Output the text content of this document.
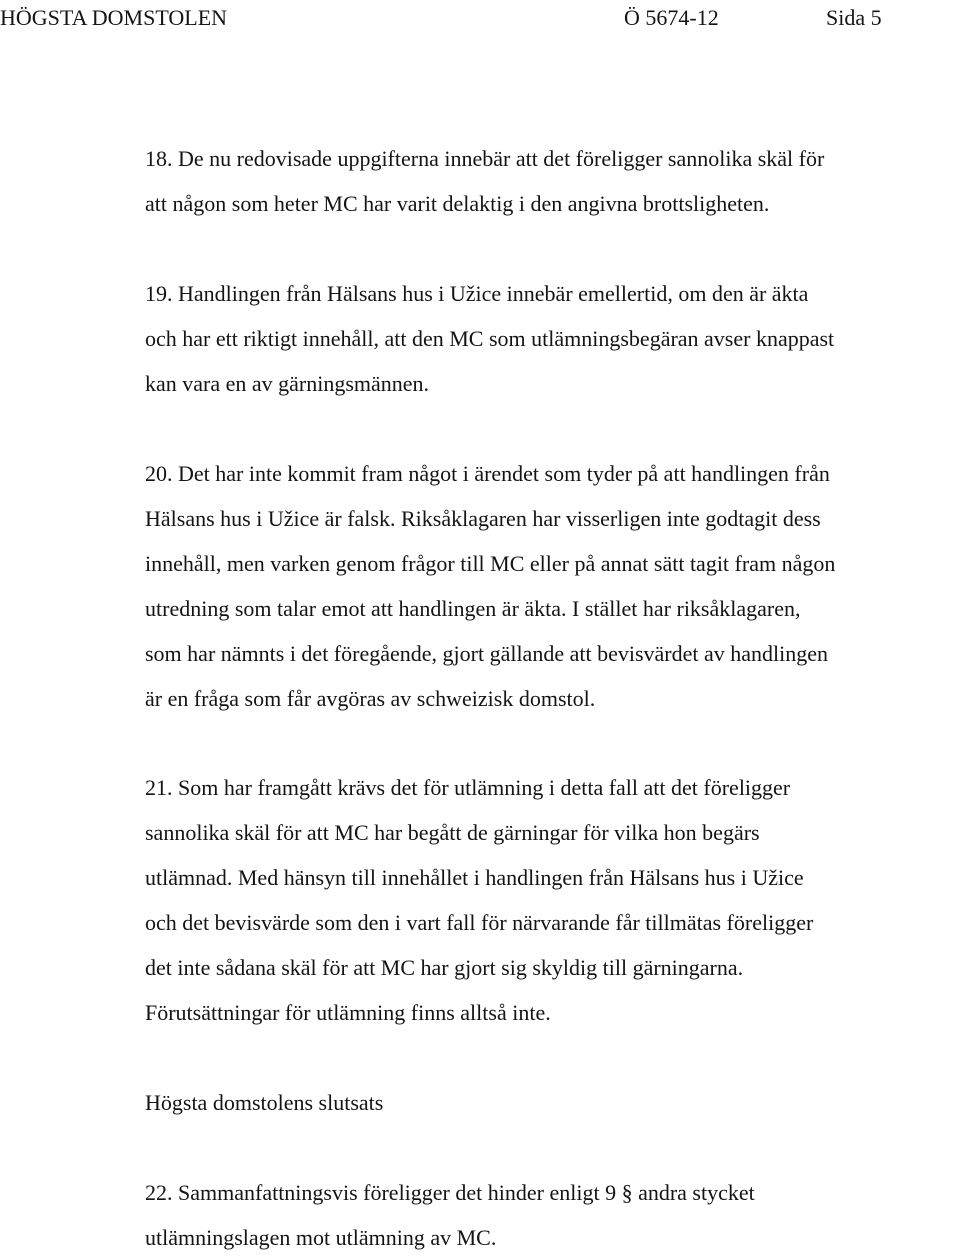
HÖGSTA DOMSTOLEN	Ö 5674-12	Sida 5
18. De nu redovisade uppgifterna innebär att det föreligger sannolika skäl för
att någon som heter MC har varit delaktig i den angivna brottsligheten.
19. Handlingen från Hälsans hus i Užice innebär emellertid, om den är äkta
och har ett riktigt innehåll, att den MC som utlämningsbegäran avser knappast
kan vara en av gärningsmännen.
20. Det har inte kommit fram något i ärendet som tyder på att handlingen från
Hälsans hus i Užice är falsk. Riksåklagaren har visserligen inte godtagit dess
innehåll, men varken genom frågor till MC eller på annat sätt tagit fram någon
utredning som talar emot att handlingen är äkta. I stället har riksåklagaren,
som har nämnts i det föregående, gjort gällande att bevisvärdet av handlingen
är en fråga som får avgöras av schweizisk domstol.
21. Som har framgått krävs det för utlämning i detta fall att det föreligger
sannolika skäl för att MC har begått de gärningar för vilka hon begärs
utlämnad. Med hänsyn till innehållet i handlingen från Hälsans hus i Užice
och det bevisvärde som den i vart fall för närvarande får tillmätas föreligger
det inte sådana skäl för att MC har gjort sig skyldig till gärningarna.
Förutsättningar för utlämning finns alltså inte.
Högsta domstolens slutsats
22. Sammanfattningsvis föreligger det hinder enligt 9 § andra stycket
utlämningslagen mot utlämning av MC.
